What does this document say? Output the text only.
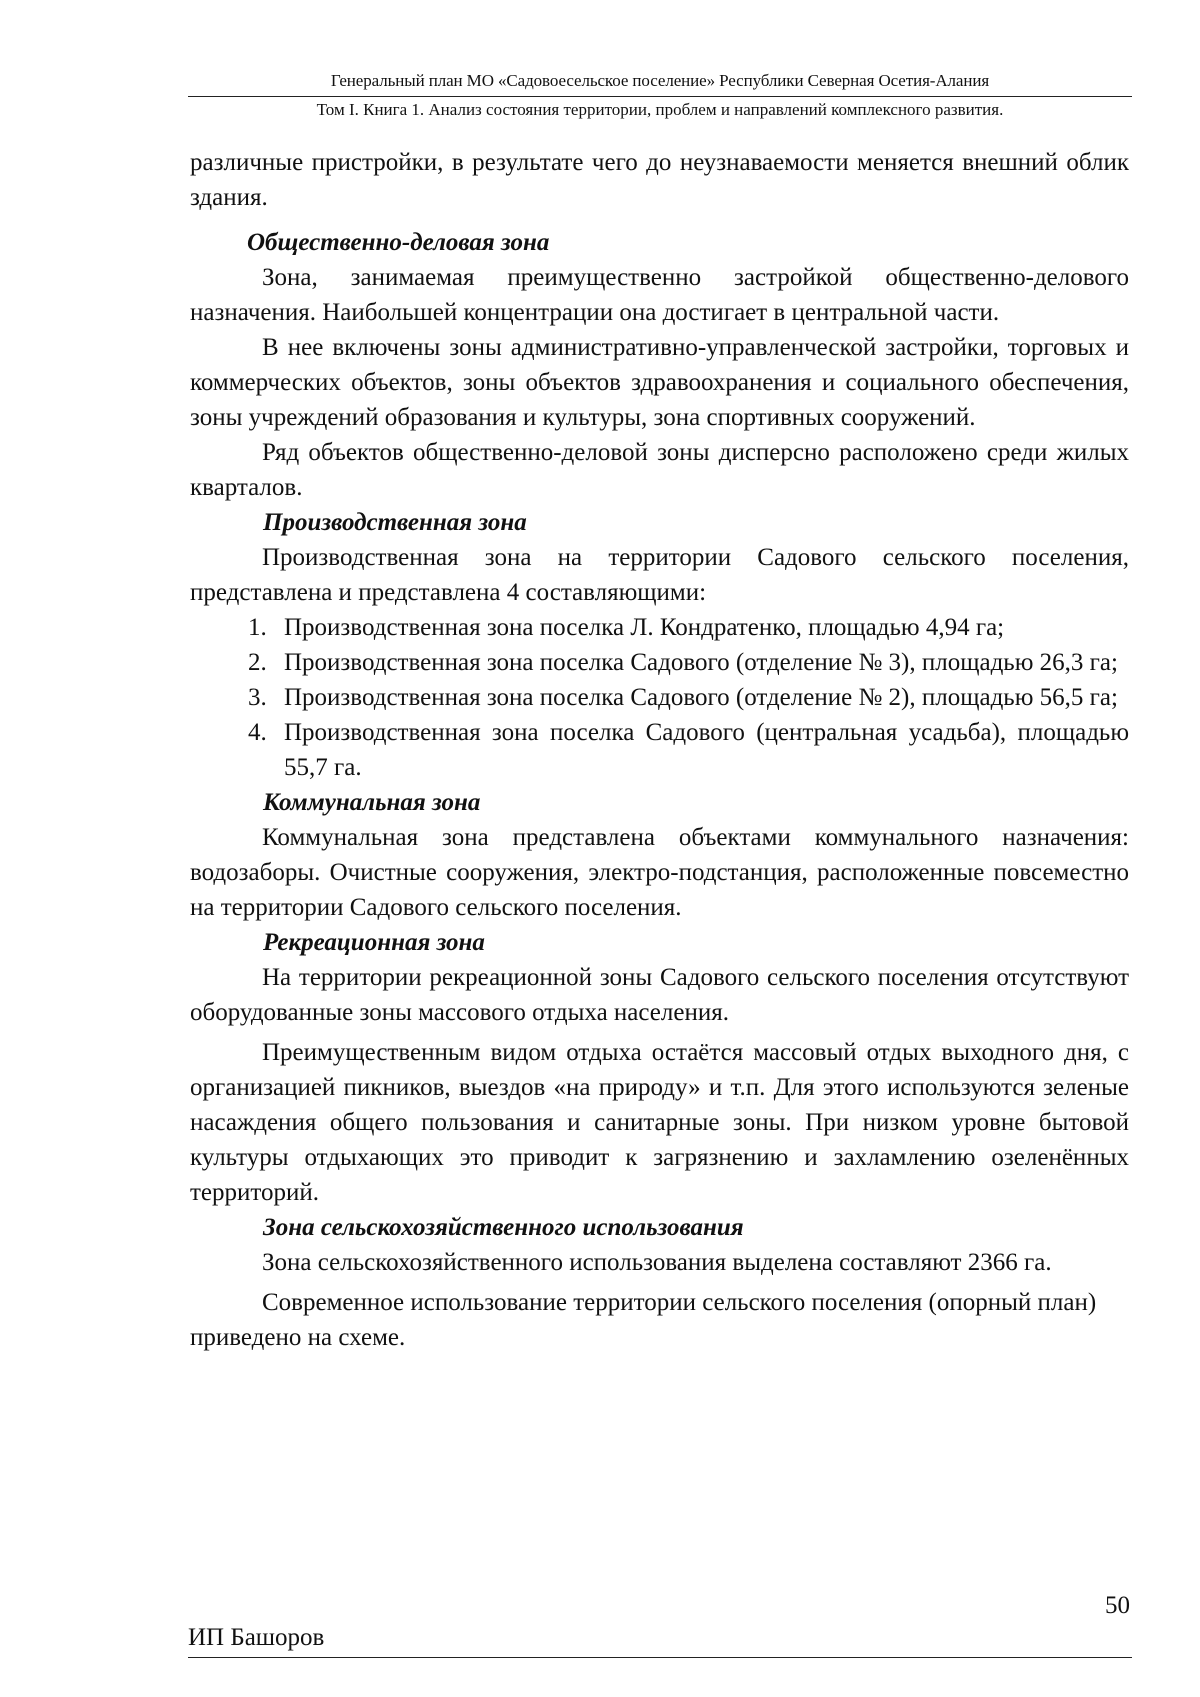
Генеральный план МО «Садовоесельское поселение» Республики Северная Осетия-Алания
Том I. Книга 1. Анализ состояния территории, проблем и направлений комплексного развития.

различные пристройки, в результате чего до неузнаваемости меняется внешний облик здания.

Общественно-деловая зона

Зона, занимаемая преимущественно застройкой общественно-делового назначения. Наибольшей концентрации она достигает в центральной части.

В нее включены зоны административно-управленческой застройки, торговых и коммерческих объектов, зоны объектов здравоохранения и социального обеспечения, зоны учреждений образования и культуры, зона спортивных сооружений.

Ряд объектов общественно-деловой зоны дисперсно расположено среди жилых кварталов.

Производственная зона

Производственная зона на территории Садового сельского поселения, представлена и представлена 4 составляющими:

1. Производственная зона поселка Л. Кондратенко, площадью 4,94 га;
2. Производственная зона поселка Садового (отделение № 3), площадью 26,3 га;
3. Производственная зона поселка Садового (отделение № 2), площадью 56,5 га;
4. Производственная зона поселка Садового (центральная усадьба), площадью 55,7 га.

Коммунальная зона

Коммунальная зона представлена объектами коммунального назначения: водозаборы. Очистные сооружения, электро-подстанция, расположенные повсеместно на территории Садового сельского поселения.

Рекреационная зона

На территории рекреационной зоны Садового сельского поселения отсутствуют оборудованные зоны массового отдыха населения.

Преимущественным видом отдыха остаётся массовый отдых выходного дня, с организацией пикников, выездов «на природу» и т.п. Для этого используются зеленые насаждения общего пользования и санитарные зоны. При низком уровне бытовой культуры отдыхающих это приводит к загрязнению и захламлению озеленённых территорий.

Зона сельскохозяйственного использования

Зона сельскохозяйственного использования выделена составляют 2366 га.

Современное использование территории сельского поселения (опорный план) приведено на схеме.

50
ИП Башоров
